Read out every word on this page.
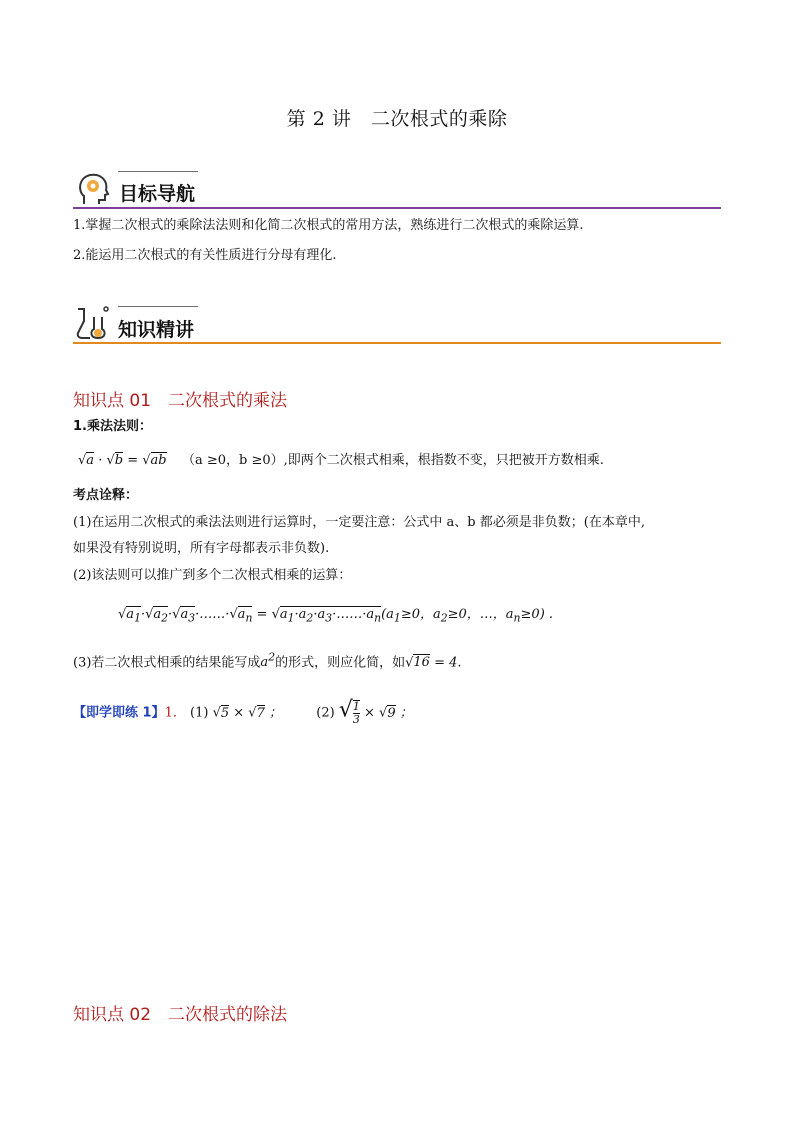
第 2 讲　二次根式的乘除
目标导航
1.掌握二次根式的乘除法法则和化简二次根式的常用方法，熟练进行二次根式的乘除运算.
2.能运用二次根式的有关性质进行分母有理化.
知识精讲
知识点 01　二次根式的乘法
1.乘法法则：
√a · √b = √ab （a ≥0，b ≥0）,即两个二次根式相乘，根指数不变，只把被开方数相乘.
考点诠释：
(1)在运用二次根式的乘法法则进行运算时，一定要注意：公式中 a、b 都必须是非负数；(在本章中,
如果没有特别说明，所有字母都表示非负数).
(2)该法则可以推广到多个二次根式相乘的运算：
$√a_1\cdot√a_2\cdot√a_3\cdot\dots\dots\cdot√a_n$ = $√a_1\cdot a_2\cdot a_3\cdot\dots\dots\cdot a_n(a_1\ge 0$，$a_2\ge 0$，…，$a_n\ge 0$) .
(3)若二次根式相乘的结果能写成$a^2$的形式，则应化简，如√16 = 4.
【即学即练 1】1． (1) √5 × √7 ；	(2) √ $\frac{1}{3} \times √9$ ；
知识点 02　二次根式的除法
